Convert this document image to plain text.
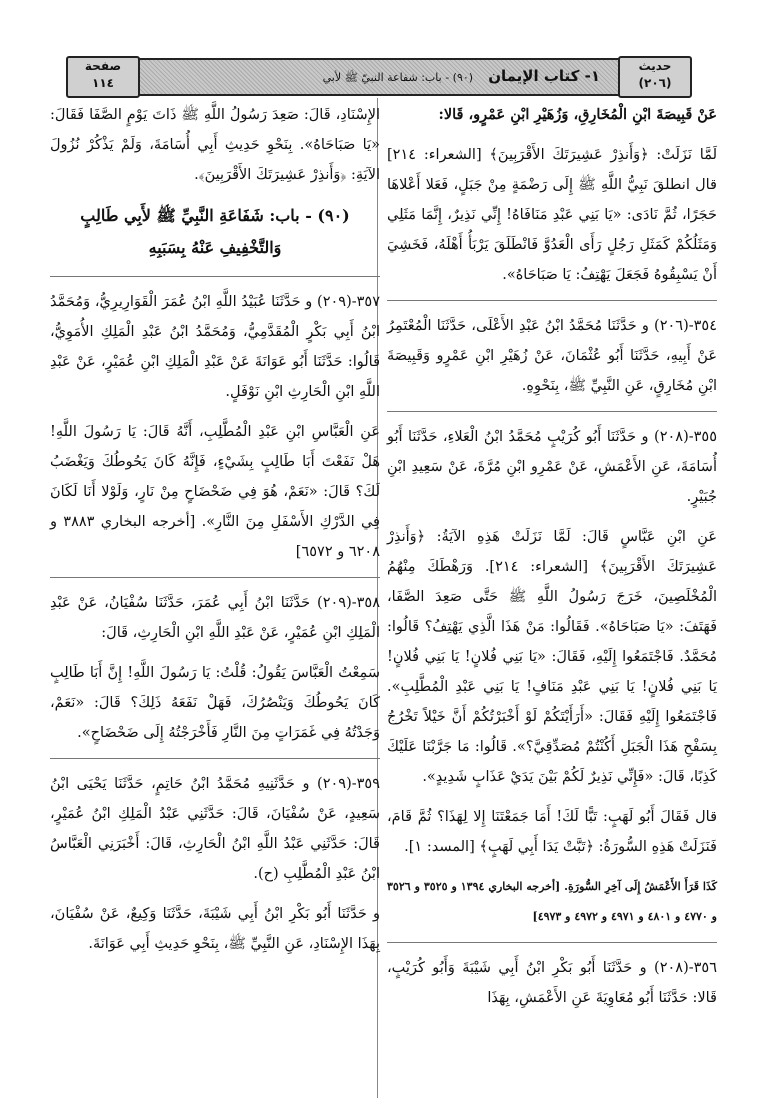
حديث
(٢٠٦)
١- كتاب الإيمان (٩٠) - باب: شفاعة النبيّ ﷺ لأبي
صفحة
١١٤

عَنْ قَبِيصَةَ ابْنِ الْمُخَارِقِ، وَزُهَيْرِ ابْنِ عَمْرٍو، قَالا:

لَمَّا نَزَلَتْ: ﴿وَأَنذِرْ عَشِيرَتَكَ الأَقْرَبِينَ﴾ [الشعراء: ٢١٤] قال انطلقَ نَبِيُّ اللَّهِ ﷺ إِلَى رَضْمَةٍ مِنْ جَبَلٍ، فَعَلا أَعْلاهَا حَجَرًا، ثُمَّ نَادَى: «يَا بَنِي عَبْدِ مَنَافَاهُ! إِنِّي نَذِيرٌ، إِنَّمَا مَثَلِي وَمَثَلُكُمْ كَمَثَلِ رَجُلٍ رَأَى الْعَدُوَّ فَانْطَلَقَ يَرْبَأُ أَهْلَهُ، فَخَشِيَ أَنْ يَسْبِقُوهُ فَجَعَلَ يَهْتِفُ: يَا صَبَاحَاهُ».

٣٥٤-(٢٠٦) و حَدَّثَنَا مُحَمَّدُ ابْنُ عَبْدِ الأَعْلَى، حَدَّثَنَا الْمُعْتَمِرُ عَنْ أَبِيهِ، حَدَّثَنَا أَبُو عُثْمَانَ، عَنْ زُهَيْرِ ابْنِ عَمْرٍو وَقَبِيصَةَ ابْنِ مُخَارِقٍ، عَنِ النَّبِيِّ ﷺ، بِنَحْوِهِ.

٣٥٥-(٢٠٨) و حَدَّثَنَا أَبُو كُرَيْبٍ مُحَمَّدُ ابْنُ الْعَلاءِ، حَدَّثَنَا أَبُو أُسَامَةَ، عَنِ الأَعْمَشِ، عَنْ عَمْرِو ابْنِ مُرَّةَ، عَنْ سَعِيدِ ابْنِ جُبَيْرٍ.

عَنِ ابْنِ عَبَّاسٍ قَالَ: لَمَّا نَزَلَتْ هَذِهِ الآيَةُ: ﴿وَأَنذِرْ عَشِيرَتَكَ الأَقْرَبِينَ﴾ [الشعراء: ٢١٤]. وَرَهْطَكَ مِنْهُمُ الْمُخْلَصِينَ، خَرَجَ رَسُولُ اللَّهِ ﷺ حَتَّى صَعِدَ الصَّفَا، فَهَتَفَ: «يَا صَبَاحَاهُ». فَقَالُوا: مَنْ هَذَا الَّذِي يَهْتِفُ؟ قَالُوا: مُحَمَّدٌ. فَاجْتَمَعُوا إِلَيْهِ، فَقَالَ: «يَا بَنِي فُلانٍ! يَا بَنِي فُلانٍ! يَا بَنِي فُلانٍ! يَا بَنِي عَبْدِ مَنَافٍ! يَا بَنِي عَبْدِ الْمُطَّلِبِ». فَاجْتَمَعُوا إِلَيْهِ فَقَالَ: «أَرَأَيْتَكُمْ لَوْ أَخْبَرْتُكُمْ أَنَّ خَيْلاً تَخْرُجُ بِسَفْحِ هَذَا الْجَبَلِ أَكُنْتُمْ مُصَدِّقِيَّ؟». قَالُوا: مَا جَرَّبْنَا عَلَيْكَ كَذِبًا، قَالَ: «فَإِنِّي نَذِيرٌ لَكُمْ بَيْنَ يَدَيْ عَذَابٍ شَدِيدٍ».

قال فَقَالَ أَبُو لَهَبٍ: تَبًّا لَكَ! أَمَا جَمَعْتَنَا إِلا لِهَذَا؟ ثُمَّ قَامَ، فَنَزَلَتْ هَذِهِ السُّورَةُ: ﴿تَبَّتْ يَدَا أَبِي لَهَبٍ﴾ [المسد: ١].

كَذَا قَرَأَ الأَعْمَشُ إِلَى آخِرِ السُّورَةِ. [أخرجه البخاري ١٣٩٤ و ٣٥٢٥ و ٣٥٢٦ و ٤٧٧٠ و ٤٨٠١ و ٤٩٧١ و ٤٩٧٢ و ٤٩٧٣]

٣٥٦-(٢٠٨) و حَدَّثَنَا أَبُو بَكْرِ ابْنُ أَبِي شَيْبَةَ وَأَبُو كُرَيْبٍ، قَالا: حَدَّثَنَا أَبُو مُعَاوِيَةَ عَنِ الأَعْمَشِ، بِهَذَا

الإِسْنَادِ، قَالَ: صَعِدَ رَسُولُ اللَّهِ ﷺ ذَاتَ يَوْمٍ الصَّفَا فَقَالَ: «يَا صَبَاحَاهُ». بِنَحْوِ حَدِيثِ أَبِي أُسَامَةَ، وَلَمْ يَذْكُرْ نُزُولَ الآيَةِ: ﴿وَأَنذِرْ عَشِيرَتَكَ الأَقْرَبِينَ﴾.

(٩٠) - باب: شَفَاعَةِ النَّبِيِّ ﷺ لأَبِي طَالِبٍ وَالتَّخْفِيفِ عَنْهُ بِسَبَبِهِ

٣٥٧-(٢٠٩) و حَدَّثَنَا عُبَيْدُ اللَّهِ ابْنُ عُمَرَ الْقَوَارِيرِيُّ، وَمُحَمَّدُ ابْنُ أَبِي بَكْرٍ الْمُقَدَّمِيُّ، وَمُحَمَّدُ ابْنُ عَبْدِ الْمَلِكِ الأُمَوِيُّ، قَالُوا: حَدَّثَنَا أَبُو عَوَانَةَ عَنْ عَبْدِ الْمَلِكِ ابْنِ عُمَيْرٍ، عَنْ عَبْدِ اللَّهِ ابْنِ الْحَارِثِ ابْنِ نَوْفَلٍ.

عَنِ الْعَبَّاسِ ابْنِ عَبْدِ الْمُطَّلِبِ، أَنَّهُ قَالَ: يَا رَسُولَ اللَّهِ! هَلْ نَفَعْتَ أَبَا طَالِبٍ بِشَيْءٍ، فَإِنَّهُ كَانَ يَحُوطُكَ وَيَغْضَبُ لَكَ؟ قَالَ: «نَعَمْ، هُوَ فِي ضَحْضَاحٍ مِنْ نَارٍ، وَلَوْلا أَنَا لَكَانَ فِي الدَّرْكِ الأَسْفَلِ مِنَ النَّارِ». [أخرجه البخاري ٣٨٨٣ و ٦٢٠٨ و ٦٥٧٢]

٣٥٨-(٢٠٩) حَدَّثَنَا ابْنُ أَبِي عُمَرَ، حَدَّثَنَا سُفْيَانُ، عَنْ عَبْدِ الْمَلِكِ ابْنِ عُمَيْرٍ، عَنْ عَبْدِ اللَّهِ ابْنِ الْحَارِثِ، قَالَ:

سَمِعْتُ الْعَبَّاسَ يَقُولُ: قُلْتُ: يَا رَسُولَ اللَّهِ! إِنَّ أَبَا طَالِبٍ كَانَ يَحُوطُكَ وَيَنْصُرُكَ، فَهَلْ نَفَعَهُ ذَلِكَ؟ قَالَ: «نَعَمْ، وَجَدْتُهُ فِي غَمَرَاتٍ مِنَ النَّارِ فَأَخْرَجْتُهُ إِلَى ضَحْضَاحٍ».

٣٥٩-(٢٠٩) و حَدَّثَنِيهِ مُحَمَّدُ ابْنُ حَاتِمٍ، حَدَّثَنَا يَحْيَى ابْنُ سَعِيدٍ، عَنْ سُفْيَانَ، قَالَ: حَدَّثَنِي عَبْدُ الْمَلِكِ ابْنُ عُمَيْرٍ، قَالَ: حَدَّثَنِي عَبْدُ اللَّهِ ابْنُ الْحَارِثِ، قَالَ: أَخْبَرَنِي الْعَبَّاسُ ابْنُ عَبْدِ الْمُطَّلِبِ (ح).

و حَدَّثَنَا أَبُو بَكْرِ ابْنُ أَبِي شَيْبَةَ، حَدَّثَنَا وَكِيعٌ، عَنْ سُفْيَانَ، بِهَذَا الإِسْنَادِ، عَنِ النَّبِيِّ ﷺ، بِنَحْوِ حَدِيثِ أَبِي عَوَانَةَ.
